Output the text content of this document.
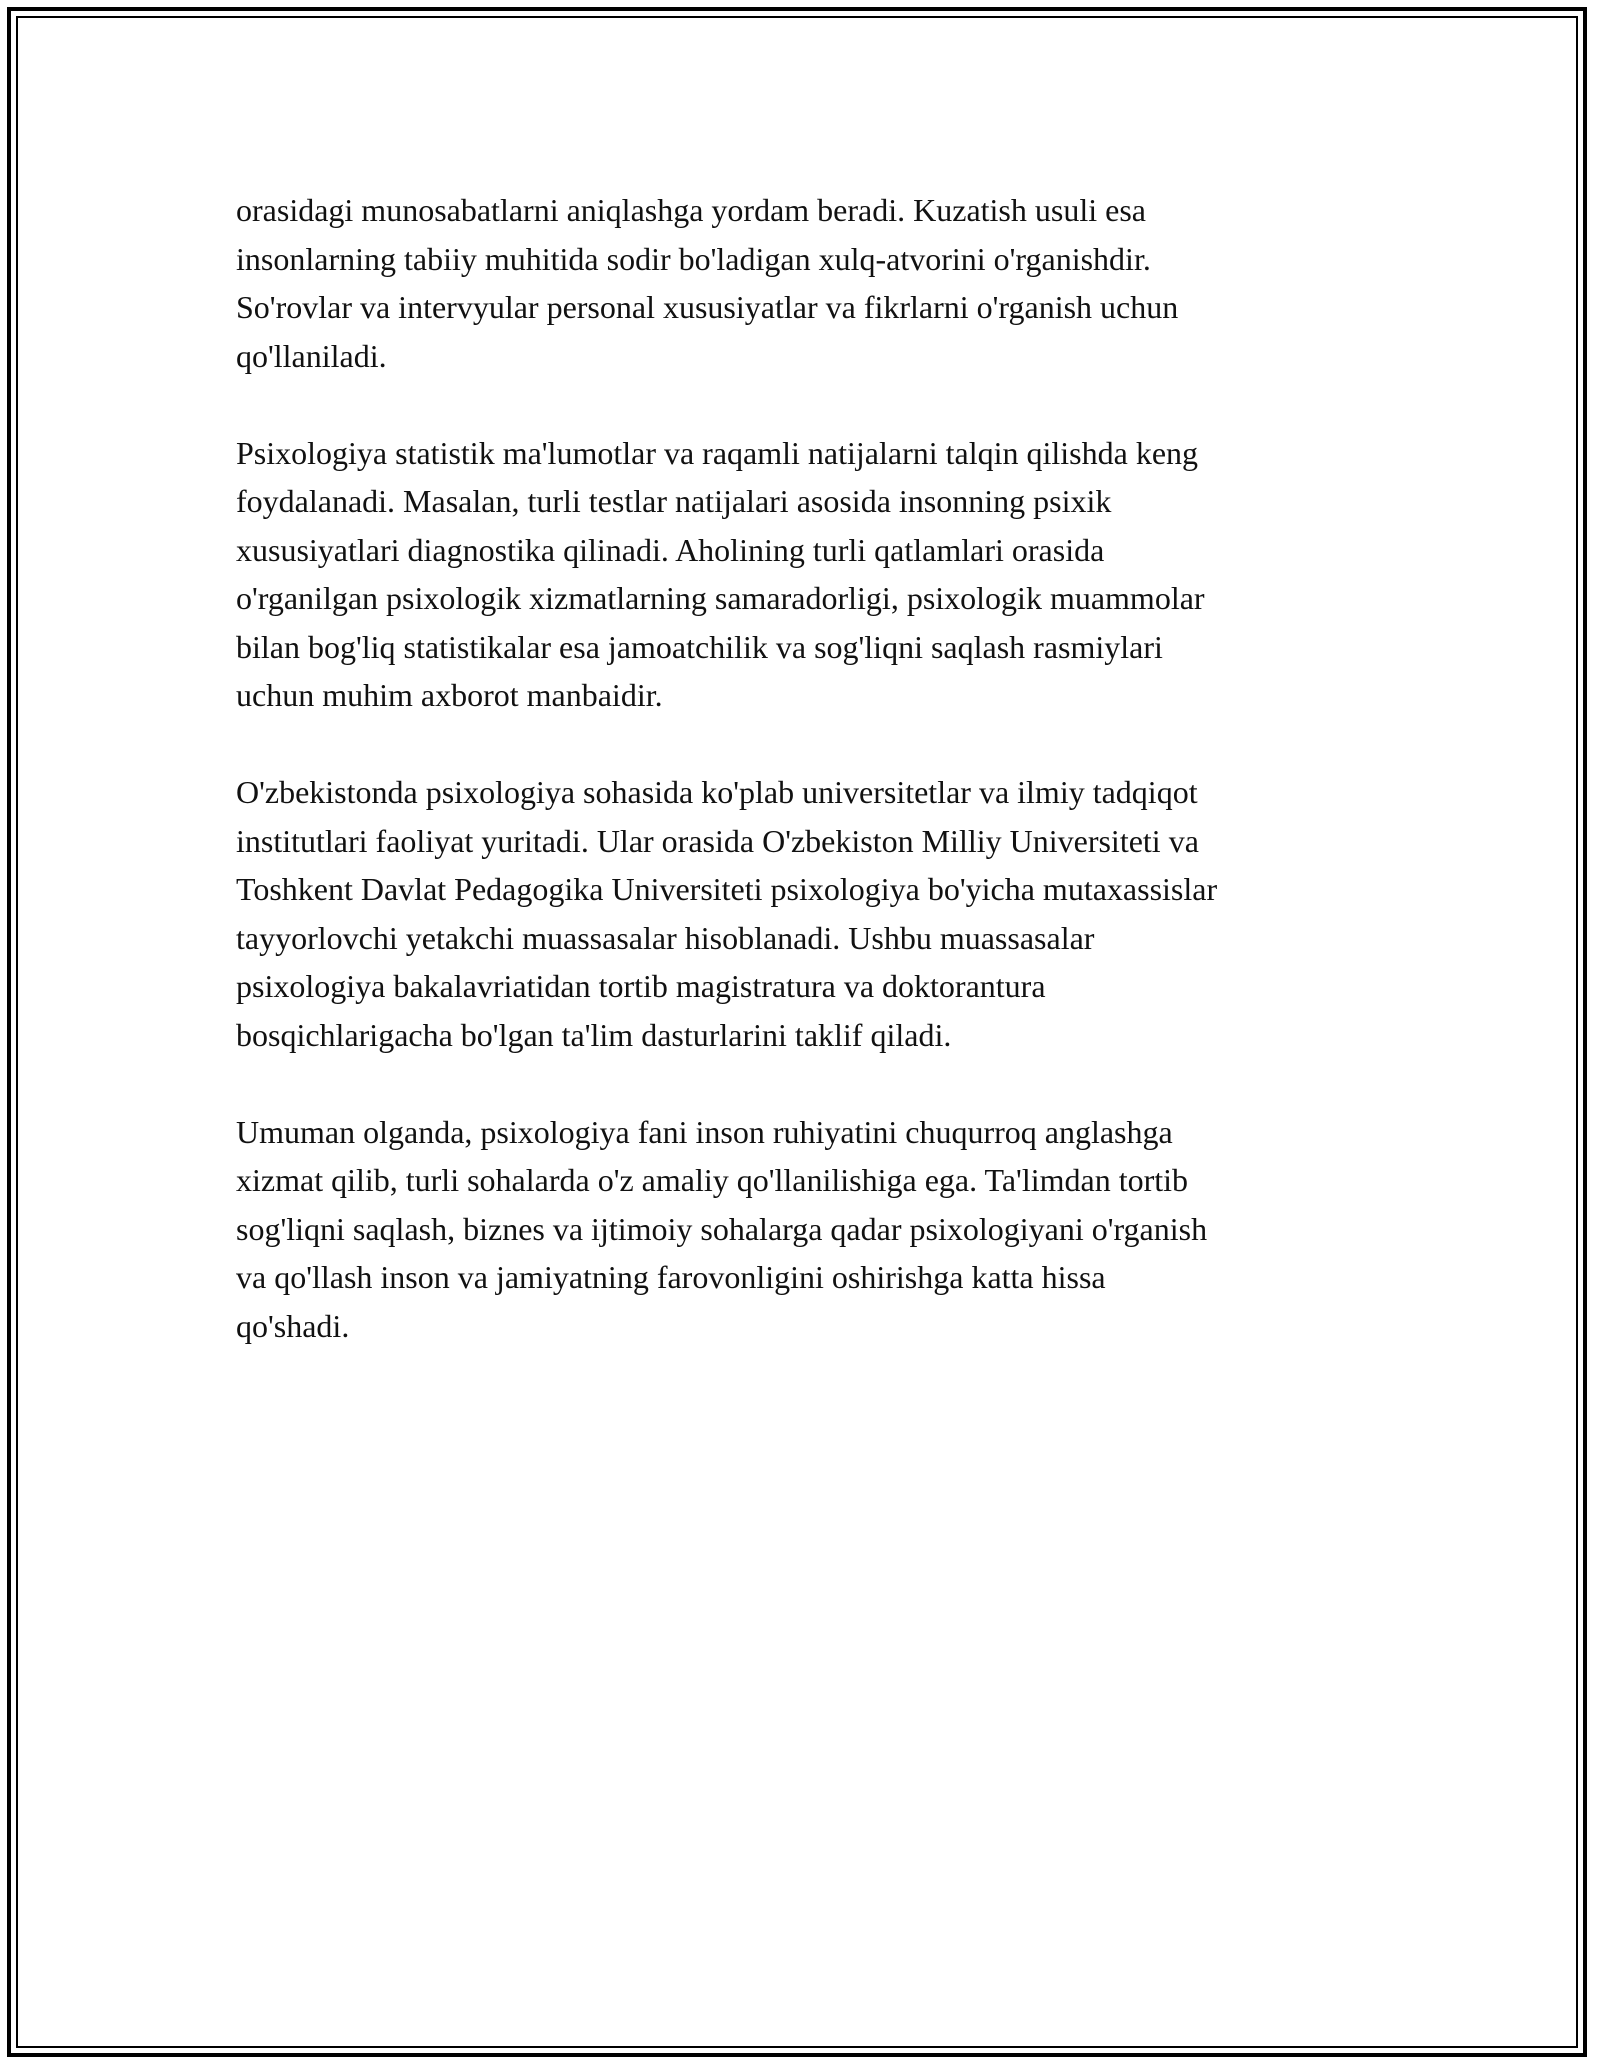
orasidagi munosabatlarni aniqlashga yordam beradi. Kuzatish usuli esa
insonlarning tabiiy muhitida sodir bo'ladigan xulq-atvorini o'rganishdir.
So'rovlar va intervyular personal xususiyatlar va fikrlarni o'rganish uchun
qo'llaniladi.

Psixologiya statistik ma'lumotlar va raqamli natijalarni talqin qilishda keng
foydalanadi. Masalan, turli testlar natijalari asosida insonning psixik
xususiyatlari diagnostika qilinadi. Aholining turli qatlamlari orasida
o'rganilgan psixologik xizmatlarning samaradorligi, psixologik muammolar
bilan bog'liq statistikalar esa jamoatchilik va sog'liqni saqlash rasmiylari
uchun muhim axborot manbaidir.

O'zbekistonda psixologiya sohasida ko'plab universitetlar va ilmiy tadqiqot
institutlari faoliyat yuritadi. Ular orasida O'zbekiston Milliy Universiteti va
Toshkent Davlat Pedagogika Universiteti psixologiya bo'yicha mutaxassislar
tayyorlovchi yetakchi muassasalar hisoblanadi. Ushbu muassasalar
psixologiya bakalavriatidan tortib magistratura va doktorantura
bosqichlarigacha bo'lgan ta'lim dasturlarini taklif qiladi.

Umuman olganda, psixologiya fani inson ruhiyatini chuqurroq anglashga
xizmat qilib, turli sohalarda o'z amaliy qo'llanilishiga ega. Ta'limdan tortib
sog'liqni saqlash, biznes va ijtimoiy sohalarga qadar psixologiyani o'rganish
va qo'llash inson va jamiyatning farovonligini oshirishga katta hissa
qo'shadi.
